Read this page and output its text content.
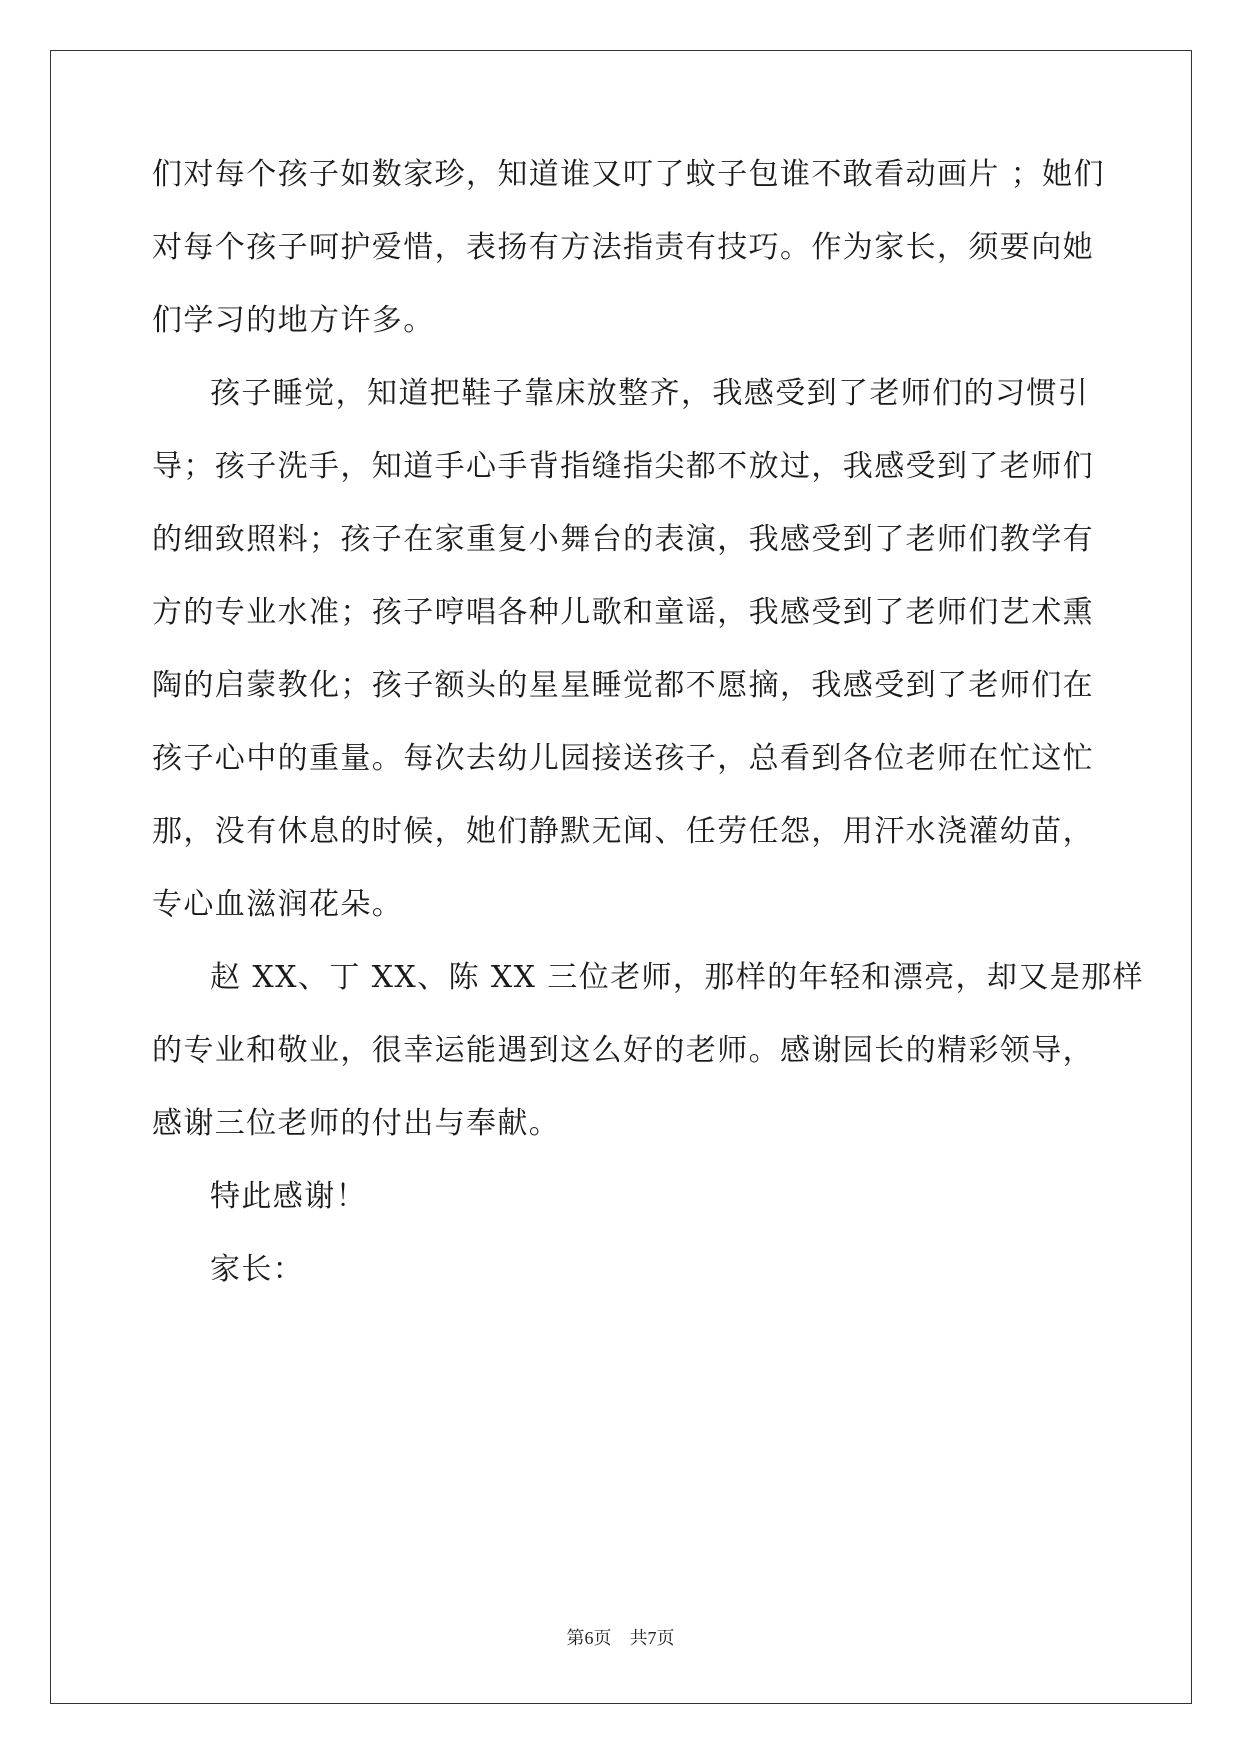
们对每个孩子如数家珍，知道谁又叮了蚊子包谁不敢看动画片 ；她们
对每个孩子呵护爱惜，表扬有方法指责有技巧。作为家长，须要向她
们学习的地方许多。
孩子睡觉，知道把鞋子靠床放整齐，我感受到了老师们的习惯引
导；孩子洗手，知道手心手背指缝指尖都不放过，我感受到了老师们
的细致照料；孩子在家重复小舞台的表演，我感受到了老师们教学有
方的专业水准；孩子哼唱各种儿歌和童谣，我感受到了老师们艺术熏
陶的启蒙教化；孩子额头的星星睡觉都不愿摘，我感受到了老师们在
孩子心中的重量。每次去幼儿园接送孩子，总看到各位老师在忙这忙
那，没有休息的时候，她们静默无闻、任劳任怨，用汗水浇灌幼苗，
专心血滋润花朵。
赵 XX、丁 XX、陈 XX 三位老师，那样的年轻和漂亮，却又是那样
的专业和敬业，很幸运能遇到这么好的老师。感谢园长的精彩领导，
感谢三位老师的付出与奉献。
特此感谢！
家长：
第6页　共7页
